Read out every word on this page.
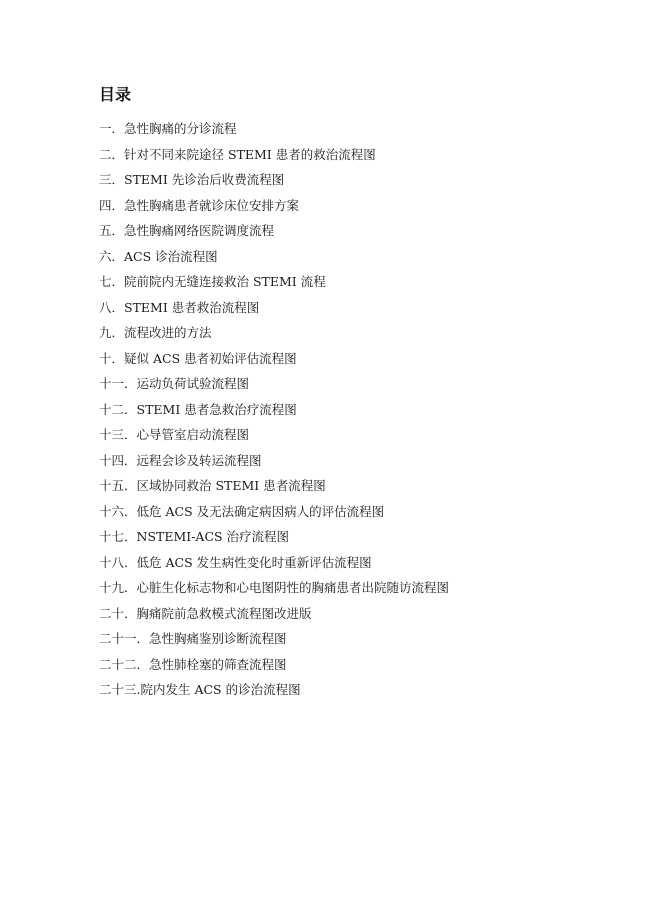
目录
一．急性胸痛的分诊流程
二．针对不同来院途径 STEMI 患者的救治流程图
三．STEMI 先诊治后收费流程图
四．急性胸痛患者就诊床位安排方案
五．急性胸痛网络医院调度流程
六．ACS 诊治流程图
七．院前院内无缝连接救治 STEMI 流程
八．STEMI 患者救治流程图
九．流程改进的方法
十．疑似 ACS 患者初始评估流程图
十一．运动负荷试验流程图
十二．STEMI 患者急救治疗流程图
十三．心导管室启动流程图
十四．远程会诊及转运流程图
十五．区域协同救治 STEMI 患者流程图
十六．低危 ACS 及无法确定病因病人的评估流程图
十七．NSTEMI-ACS 治疗流程图
十八．低危 ACS 发生病性变化时重新评估流程图
十九．心脏生化标志物和心电图阴性的胸痛患者出院随访流程图
二十．胸痛院前急救模式流程图改进版
二十一．急性胸痛鉴别诊断流程图
二十二．急性肺栓塞的筛查流程图
二十三.院内发生 ACS 的诊治流程图
